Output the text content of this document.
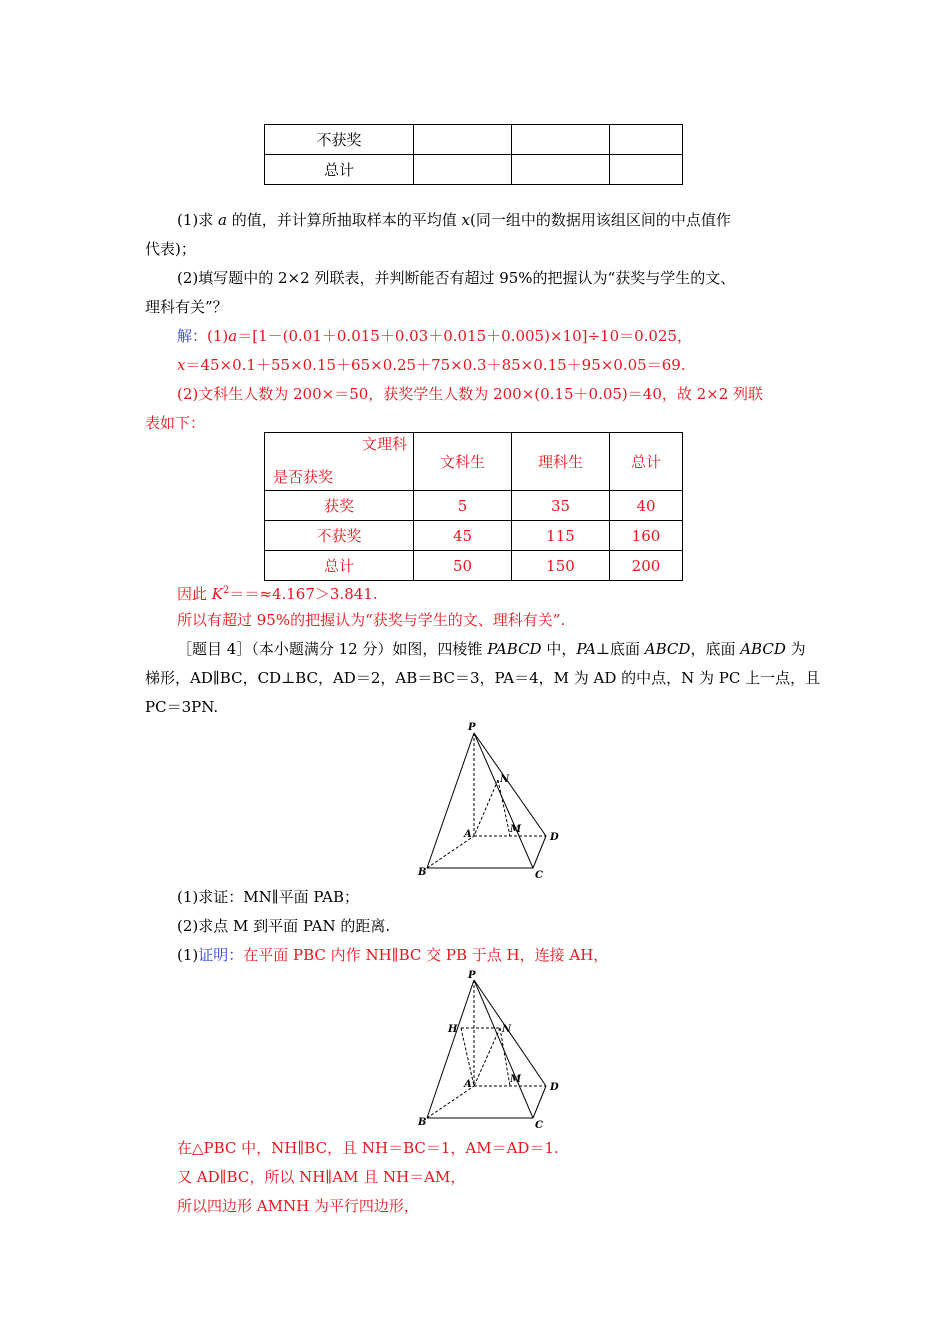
不获奖			
总计			
(1)求 a 的值，并计算所抽取样本的平均值 x(同一组中的数据用该组区间的中点值作
代表)；
(2)填写题中的 2×2 列联表，并判断能否有超过 95%的把握认为“获奖与学生的文、
理科有关”？
解：(1)a＝[1－(0.01＋0.015＋0.03＋0.015＋0.005)×10]÷10＝0.025，
x＝45×0.1＋55×0.15＋65×0.25＋75×0.3＋85×0.15＋95×0.05＝69.
(2)文科生人数为 200×＝50，获奖学生人数为 200×(0.15＋0.05)＝40，故 2×2 列联
表如下：
文理科
是否获奖	文科生	理科生	总计
获奖	5	35	40
不获奖	45	115	160
总计	50	150	200
因此 $K^2==\approx 4.167>3.841$.
所以有超过 95%的把握认为“获奖与学生的文、理科有关”.
［题目 4］（本小题满分 12 分）如图，四棱锥 PABCD 中，PA⊥底面 ABCD，底面 ABCD 为
梯形，AD∥BC，CD⊥BC，AD＝2，AB＝BC＝3，PA＝4，M 为 AD 的中点，N 为 PC 上一点，且
PC＝3PN.
P
N
A	M
D
B	C
(1)求证：MN∥平面 PAB；
(2)求点 M 到平面 PAN 的距离.
(1)证明：在平面 PBC 内作 NH∥BC 交 PB 于点 H，连接 AH，
P
H	N
A	M
D
B	C
在△PBC 中，NH∥BC，且 NH＝BC＝1，AM＝AD＝1.
又 AD∥BC，所以 NH∥AM 且 NH＝AM，
所以四边形 AMNH 为平行四边形，
